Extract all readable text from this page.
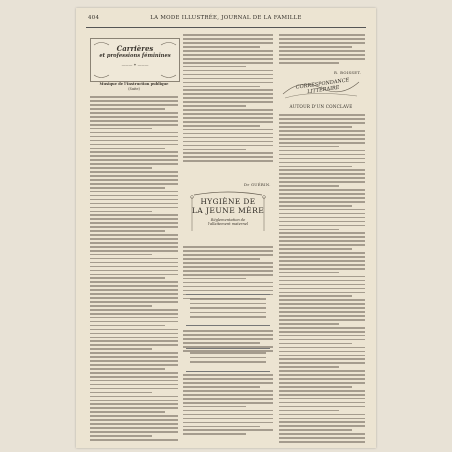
404	LA MODE ILLUSTRÉE, JOURNAL DE LA FAMILLE
Carrières
et professions féminines
——— ✦ ———
Musique de l'Instruction publique
(Suite)
Dr GUÉRIN.
HYGIÈNE DE
LA JEUNE MÈRE
Réglementation de
l'allaitement maternel
R. BOISSET.
CORRESPONDANCE LITTÉRAIRE
AUTOUR D'UN CONCLAVE
